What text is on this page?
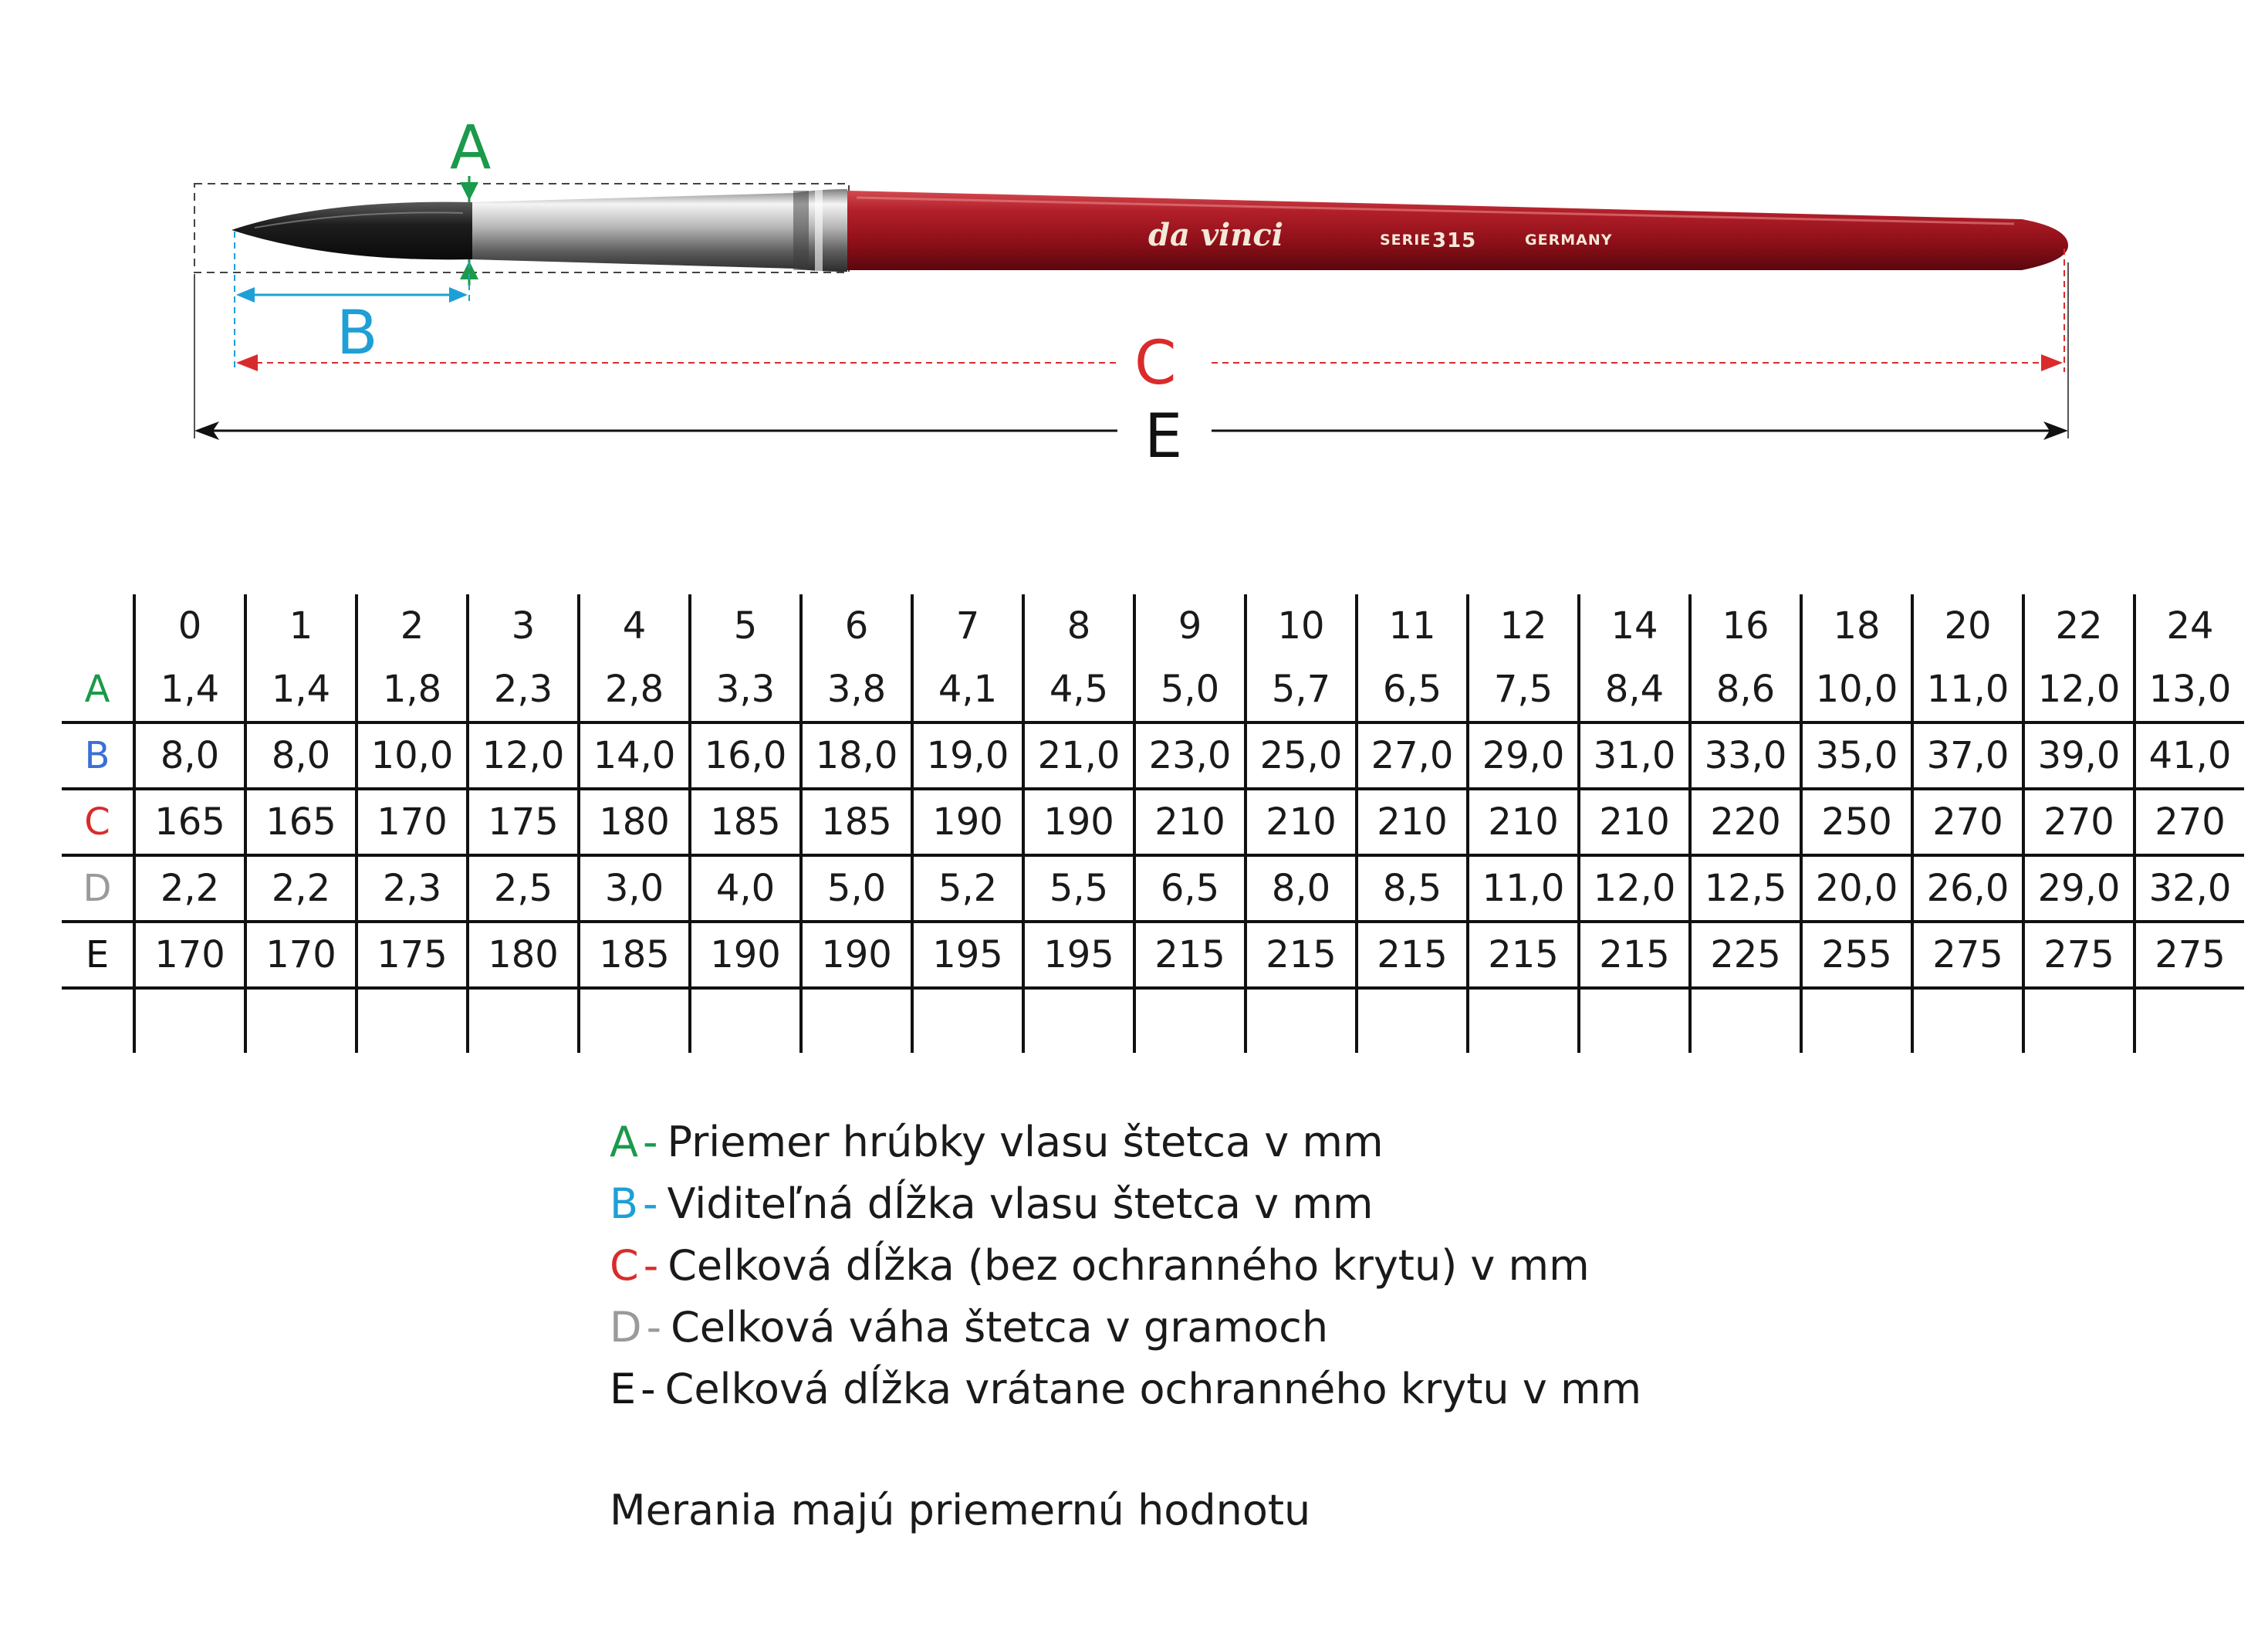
da vinci	SERIE 315	GERMANY
A
B	C
E
	0	1	2	3	4	5	6	7	8	9	10	11	12	14	16	18	20	22	24
A	1,4	1,4	1,8	2,3	2,8	3,3	3,8	4,1	4,5	5,0	5,7	6,5	7,5	8,4	8,6	10,0	11,0	12,0	13,0
B	8,0	8,0	10,0	12,0	14,0	16,0	18,0	19,0	21,0	23,0	25,0	27,0	29,0	31,0	33,0	35,0	37,0	39,0	41,0
C	165	165	170	175	180	185	185	190	190	210	210	210	210	210	220	250	270	270	270
D	2,2	2,2	2,3	2,5	3,0	4,0	5,0	5,2	5,5	6,5	8,0	8,5	11,0	12,0	12,5	20,0	26,0	29,0	32,0
E	170	170	175	180	185	190	190	195	195	215	215	215	215	215	225	255	275	275	275

A - Priemer hrúbky vlasu štetca v mm
B - Viditeľná dĺžka vlasu štetca v mm
C - Celková dĺžka (bez ochranného krytu) v mm
D - Celková váha štetca v gramoch
E - Celková dĺžka vrátane ochranného krytu v mm
Merania majú priemernú hodnotu
